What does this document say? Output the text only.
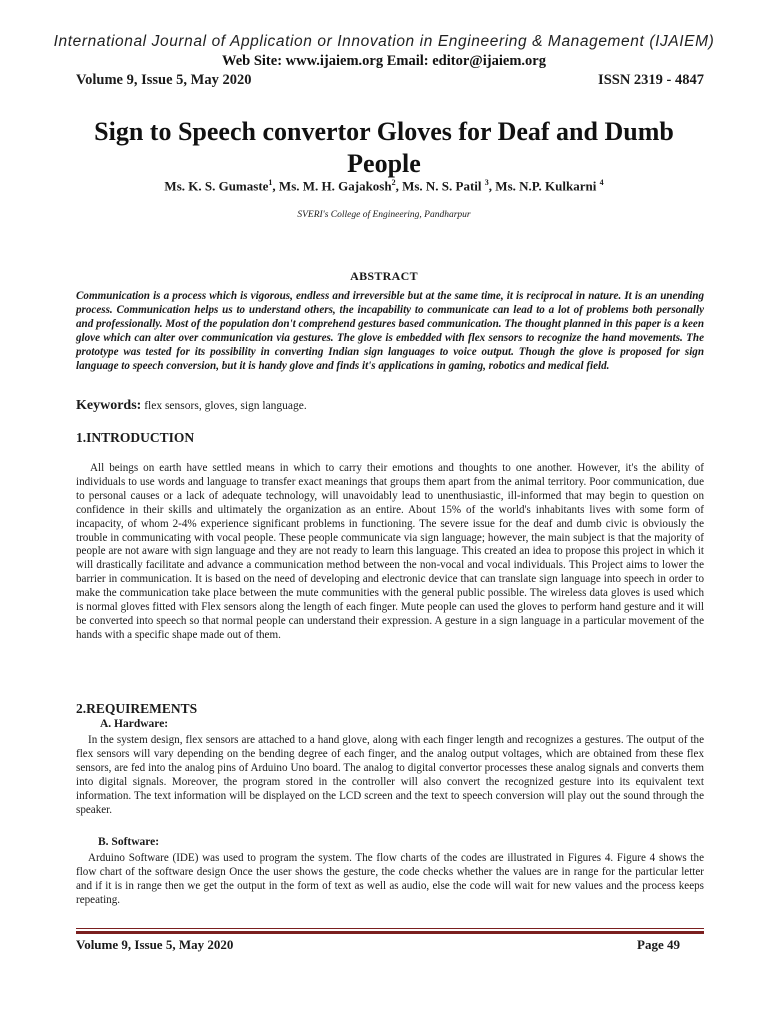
International Journal of Application or Innovation in Engineering & Management (IJAIEM)
Web Site: www.ijaiem.org Email: editor@ijaiem.org
Volume 9, Issue 5, May 2020	ISSN 2319 - 4847
Sign to Speech convertor Gloves for Deaf and Dumb People
Ms. K. S. Gumaste$^1$, Ms. M. H. Gajakosh$^2$, Ms. N. S. Patil $^3$, Ms. N.P. Kulkarni $^4$
SVERI's College of Engineering, Pandharpur
ABSTRACT

Communication is a process which is vigorous, endless and irreversible but at the same time, it is reciprocal in nature. It is an unending process. Communication helps us to understand others, the incapability to communicate can lead to a lot of problems both personally and professionally. Most of the population don't comprehend gestures based communication. The thought planned in this paper is a keen glove which can alter over communication via gestures. The glove is embedded with flex sensors to recognize the hand movements. The prototype was tested for its possibility in converting Indian sign languages to voice output. Though the glove is proposed for sign language to speech conversion, but it is handy glove and finds it's applications in gaming, robotics and medical field.

Keywords: flex sensors, gloves, sign language.
1.INTRODUCTION

All beings on earth have settled means in which to carry their emotions and thoughts to one another. However, it's the ability of individuals to use words and language to transfer exact meanings that groups them apart from the animal territory. Poor communication, due to personal causes or a lack of adequate technology, will unavoidably lead to unenthusiastic, ill-informed that may begin to question on confidence in their skills and ultimately the organization as an entire. About 15% of the world's inhabitants lives with some form of incapacity, of whom 2-4% experience significant problems in functioning. The severe issue for the deaf and dumb civic is obviously the trouble in communicating with vocal people. These people communicate via sign language; however, the main subject is that the majority of people are not aware with sign language and they are not ready to learn this language. This created an idea to propose this project in which it will drastically facilitate and advance a communication method between the non-vocal and vocal individuals. This Project aims to lower the barrier in communication. It is based on the need of developing and electronic device that can translate sign language into speech in order to make the communication take place between the mute communities with the general public possible. The wireless data gloves is used which is normal gloves fitted with Flex sensors along the length of each finger. Mute people can used the gloves to perform hand gesture and it will be converted into speech so that normal people can understand their expression. A gesture in a sign language in a particular movement of the hands with a specific shape made out of them.

2.REQUIREMENTS
A. Hardware:

In the system design, flex sensors are attached to a hand glove, along with each finger length and recognizes a gestures. The output of the flex sensors will vary depending on the bending degree of each finger, and the analog output voltages, which are obtained from these flex sensors, are fed into the analog pins of Arduino Uno board. The analog to digital convertor processes these analog signals and converts them into digital signals. Moreover, the program stored in the controller will also convert the recognized gesture into its equivalent text information. The text information will be displayed on the LCD screen and the text to speech conversion will play out the sound through the speaker.

B. Software:

Arduino Software (IDE) was used to program the system. The flow charts of the codes are illustrated in Figures 4. Figure 4 shows the flow chart of the software design Once the user shows the gesture, the code checks whether the values are in range for the particular letter and if it is in range then we get the output in the form of text as well as audio, else the code will wait for new values and the process keeps repeating.

Volume 9, Issue 5, May 2020	Page 49
